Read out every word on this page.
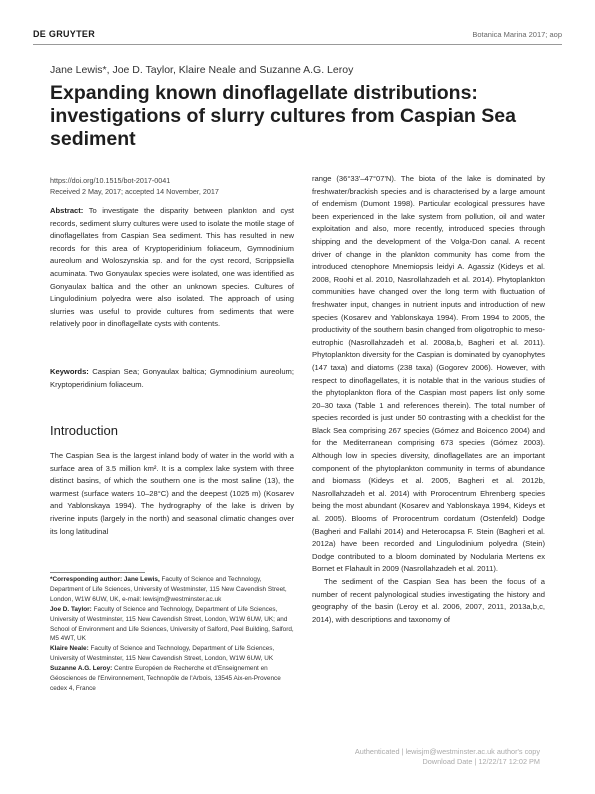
DE GRUYTER	Botanica Marina 2017; aop
Jane Lewis*, Joe D. Taylor, Klaire Neale and Suzanne A.G. Leroy
Expanding known dinoflagellate distributions: investigations of slurry cultures from Caspian Sea sediment
https://doi.org/10.1515/bot-2017-0041
Received 2 May, 2017; accepted 14 November, 2017

Abstract: To investigate the disparity between plankton and cyst records, sediment slurry cultures were used to isolate the motile stage of dinoflagellates from Caspian Sea sediment. This has resulted in new records for this area of Kryptoperidinium foliaceum, Gymnodinium aureolum and Woloszynskia sp. and for the cyst record, Scrippsiella acuminata. Two Gonyaulax species were isolated, one was identified as Gonyaulax baltica and the other an unknown species. Cultures of Lingulodinium polyedra were also isolated. The approach of using slurries was useful to provide cultures from sediments that were relatively poor in dinoflagellate cysts with contents.

Keywords: Caspian Sea; Gonyaulax baltica; Gymnodinium aureolum; Kryptoperidinium foliaceum.

Introduction

The Caspian Sea is the largest inland body of water in the world with a surface area of 3.5 million km². It is a complex lake system with three distinct basins, of which the southern one is the most saline (13), the warmest (surface waters 10–28°C) and the deepest (1025 m) (Kosarev and Yablonskaya 1994). The hydrography of the lake is driven by riverine inputs (largely in the north) and seasonal climatic changes over its long latitudinal

*Corresponding author: Jane Lewis, Faculty of Science and Technology, Department of Life Sciences, University of Westminster, 115 New Cavendish Street, London, W1W 6UW, UK, e-mail: lewisjm@westminster.ac.uk

Joe D. Taylor: Faculty of Science and Technology, Department of Life Sciences, University of Westminster, 115 New Cavendish Street, London, W1W 6UW, UK; and School of Environment and Life Sciences, University of Salford, Peel Building, Salford, M5 4WT, UK

Klaire Neale: Faculty of Science and Technology, Department of Life Sciences, University of Westminster, 115 New Cavendish Street, London, W1W 6UW, UK

Suzanne A.G. Leroy: Centre Européen de Recherche et d'Enseignement en Géosciences de l'Environnement, Technopôle de l'Arbois, 13545 Aix-en-Provence cedex 4, France

range (36°33'–47°07'N). The biota of the lake is dominated by freshwater/brackish species and is characterised by a large amount of endemism (Dumont 1998). Particular ecological pressures have been experienced in the lake system from pollution, oil and water exploitation and also, more recently, introduced species through shipping and the development of the Volga-Don canal. A recent driver of change in the plankton community has come from the introduced ctenophore Mnemiopsis leidyi A. Agassiz (Kideys et al. 2008, Roohi et al. 2010, Nasrollahzadeh et al. 2014). Phytoplankton communities have changed over the long term with fluctuation of freshwater input, changes in nutrient inputs and introduction of new species (Kosarev and Yablonskaya 1994). From 1994 to 2005, the productivity of the southern basin changed from oligotrophic to meso-eutrophic (Nasrollahzadeh et al. 2008a,b, Bagheri et al. 2011). Phytoplankton diversity for the Caspian is dominated by cyanophytes (147 taxa) and diatoms (238 taxa) (Gogorev 2006). However, with respect to dinoflagellates, it is notable that in the various studies of the phytoplankton flora of the Caspian most papers list only some 20–30 taxa (Table 1 and references therein). The total number of species recorded is just under 50 contrasting with a checklist for the Black Sea comprising 267 species (Gómez and Boicenco 2004) and for the Mediterranean comprising 673 species (Gómez 2003). Although low in species diversity, dinoflagellates are an important component of the phytoplankton community in terms of abundance and biomass (Kideys et al. 2005, Bagheri et al. 2012b, Nasrollahzadeh et al. 2014) with Prorocentrum Ehrenberg species being the most abundant (Kosarev and Yablonskaya 1994, Kideys et al. 2005). Blooms of Prorocentrum cordatum (Ostenfeld) Dodge (Bagheri and Fallahi 2014) and Heterocapsa F. Stein (Bagheri et al. 2012a) have been recorded and Lingulodinium polyedra (Stein) Dodge contributed to a bloom dominated by Nodularia Mertens ex Bornet et Flahault in 2009 (Nasrollahzadeh et al. 2011).

The sediment of the Caspian Sea has been the focus of a number of recent palynological studies investigating the history and geography of the basin (Leroy et al. 2006, 2007, 2011, 2013a,b,c, 2014), with descriptions and taxonomy of

Authenticated | lewisjm@westminster.ac.uk author's copy
Download Date | 12/22/17 12:02 PM
